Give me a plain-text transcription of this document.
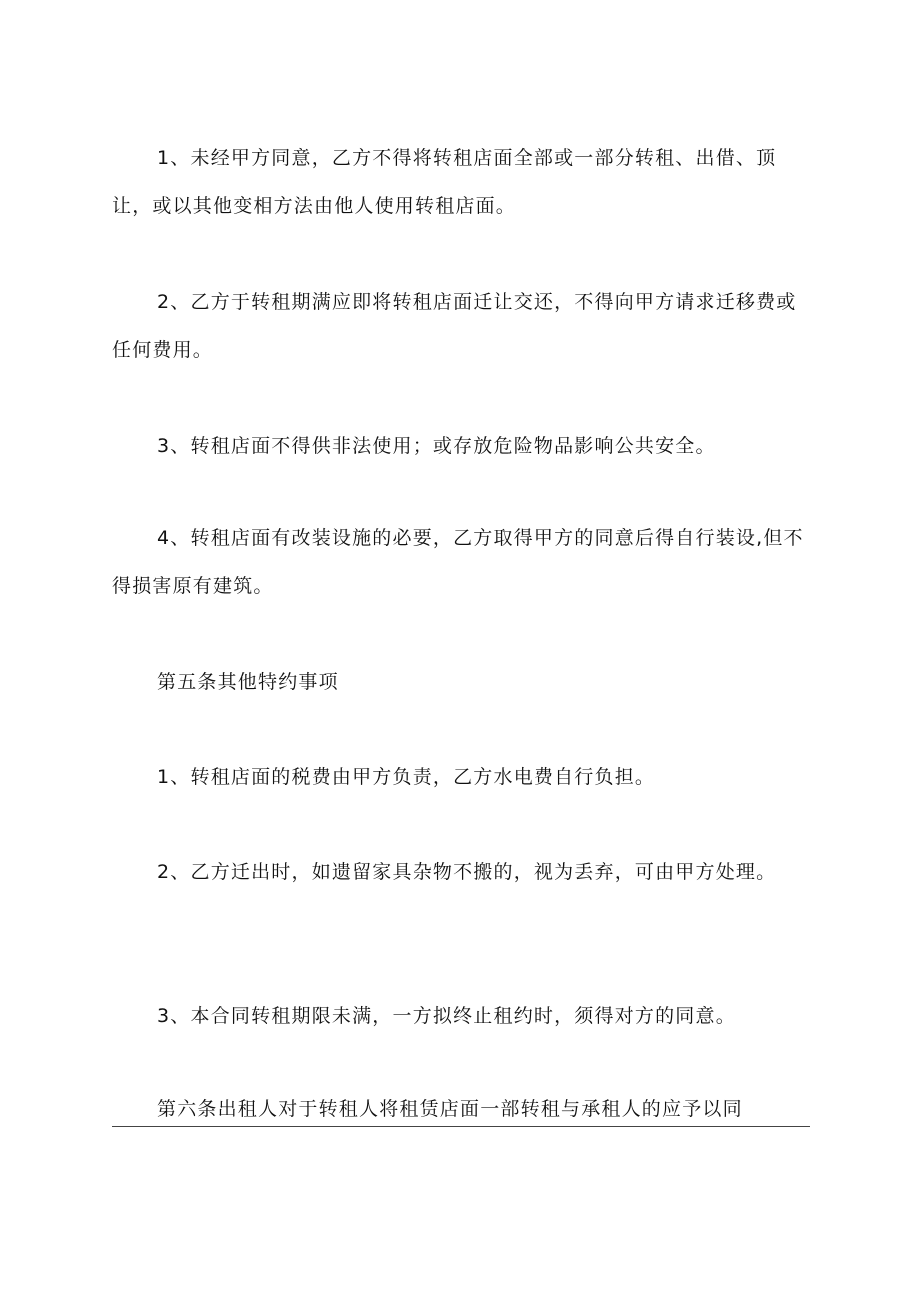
1、未经甲方同意，乙方不得将转租店面全部或一部分转租、出借、顶
让，或以其他变相方法由他人使用转租店面。
2、乙方于转租期满应即将转租店面迁让交还，不得向甲方请求迁移费或
任何费用。
3、转租店面不得供非法使用；或存放危险物品影响公共安全。
4、转租店面有改装设施的必要，乙方取得甲方的同意后得自行装设,但不
得损害原有建筑。
第五条其他特约事项
1、转租店面的税费由甲方负责，乙方水电费自行负担。
2、乙方迁出时，如遗留家具杂物不搬的，视为丢弃，可由甲方处理。
3、本合同转租期限未满，一方拟终止租约时，须得对方的同意。
第六条出租人对于转租人将租赁店面一部转租与承租人的应予以同
